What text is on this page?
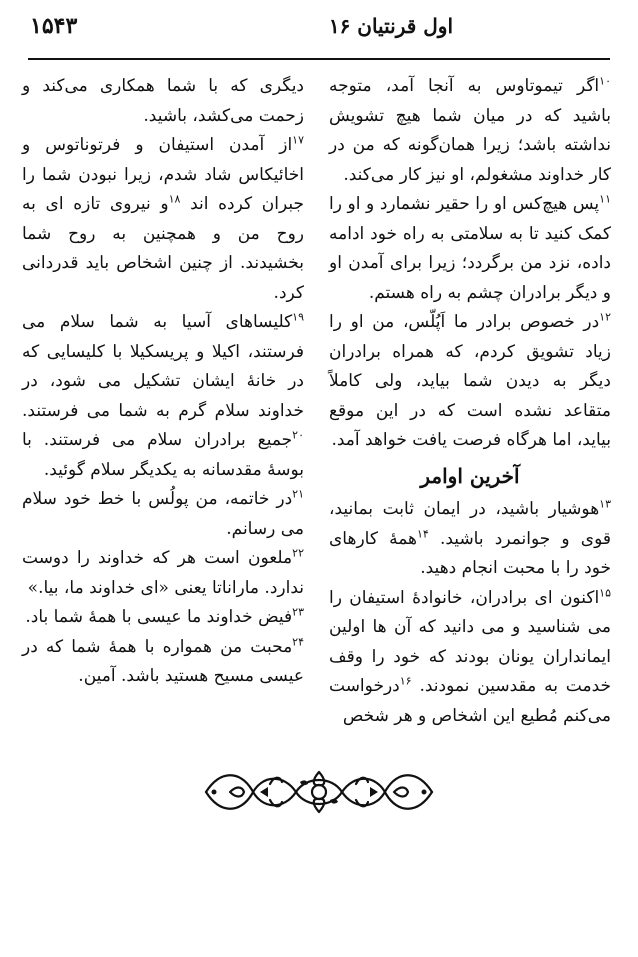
اول قرنتیان ۱۶
۱۵۴۳

$^{۱۰}$اگر تیموتاوس به آنجا آمد، متوجه باشید که در میان شما هیچ تشویش نداشته باشد؛ زیرا همان‌گونه که من در کار خداوند مشغولم، او نیز کار می‌کند.

$^{۱۱}$پس هیچ‌کس او را حقیر نشمارد و او را کمک کنید تا به سلامتی به راه خود ادامه داده، نزد من برگردد؛ زیرا برای آمدن او و دیگر برادران چشم به راه هستم.

$^{۱۲}$در خصوص برادر ما اَپُلّس، من او را زیاد تشویق کردم، که همراه برادران دیگر به دیدن شما بیاید، ولی کاملاً متقاعد نشده است که در این موقع بیاید، اما هرگاه فرصت یافت خواهد آمد.

آخرین اوامر

$^{۱۳}$هوشیار باشید، در ایمان ثابت بمانید، قوی و جوانمرد باشید. $^{۱۴}$همهٔ کارهای خود را با محبت انجام دهید.

$^{۱۵}$اکنون ای برادران، خانوادهٔ استیفان را می شناسید و می دانید که آن ها اولین ایمانداران یونان بودند که خود را وقف خدمت به مقدسین نمودند. $^{۱۶}$درخواست می‌کنم مُطیع این اشخاص و هر شخص

دیگری که با شما همکاری می‌کند و زحمت می‌کشد، باشید.

$^{۱۷}$از آمدن استیفان و فرتوناتوس و اخائیکاس شاد شدم، زیرا نبودن شما را جبران کرده اند $^{۱۸}$و نیروی تازه ای به روح من و همچنین به روح شما بخشیدند. از چنین اشخاص باید قدردانی کرد.

$^{۱۹}$کلیساهای آسیا به شما سلام می فرستند، اکیلا و پریسکیلا با کلیسایی که در خانهٔ ایشان تشکیل می شود، در خداوند سلام گرم به شما می فرستند. $^{۲۰}$جمیع برادران سلام می فرستند. با بوسهٔ مقدسانه به یکدیگر سلام گوئید.

$^{۲۱}$در خاتمه، من پولُس با خط خود سلام می رسانم.

$^{۲۲}$ملعون است هر که خداوند را دوست ندارد. ماراناتا یعنی «ای خداوند ما، بیا.»

$^{۲۳}$فیض خداوند ما عیسی با همهٔ شما باد.

$^{۲۴}$محبت من همواره با همهٔ شما که در عیسی مسیح هستید باشد. آمین.
